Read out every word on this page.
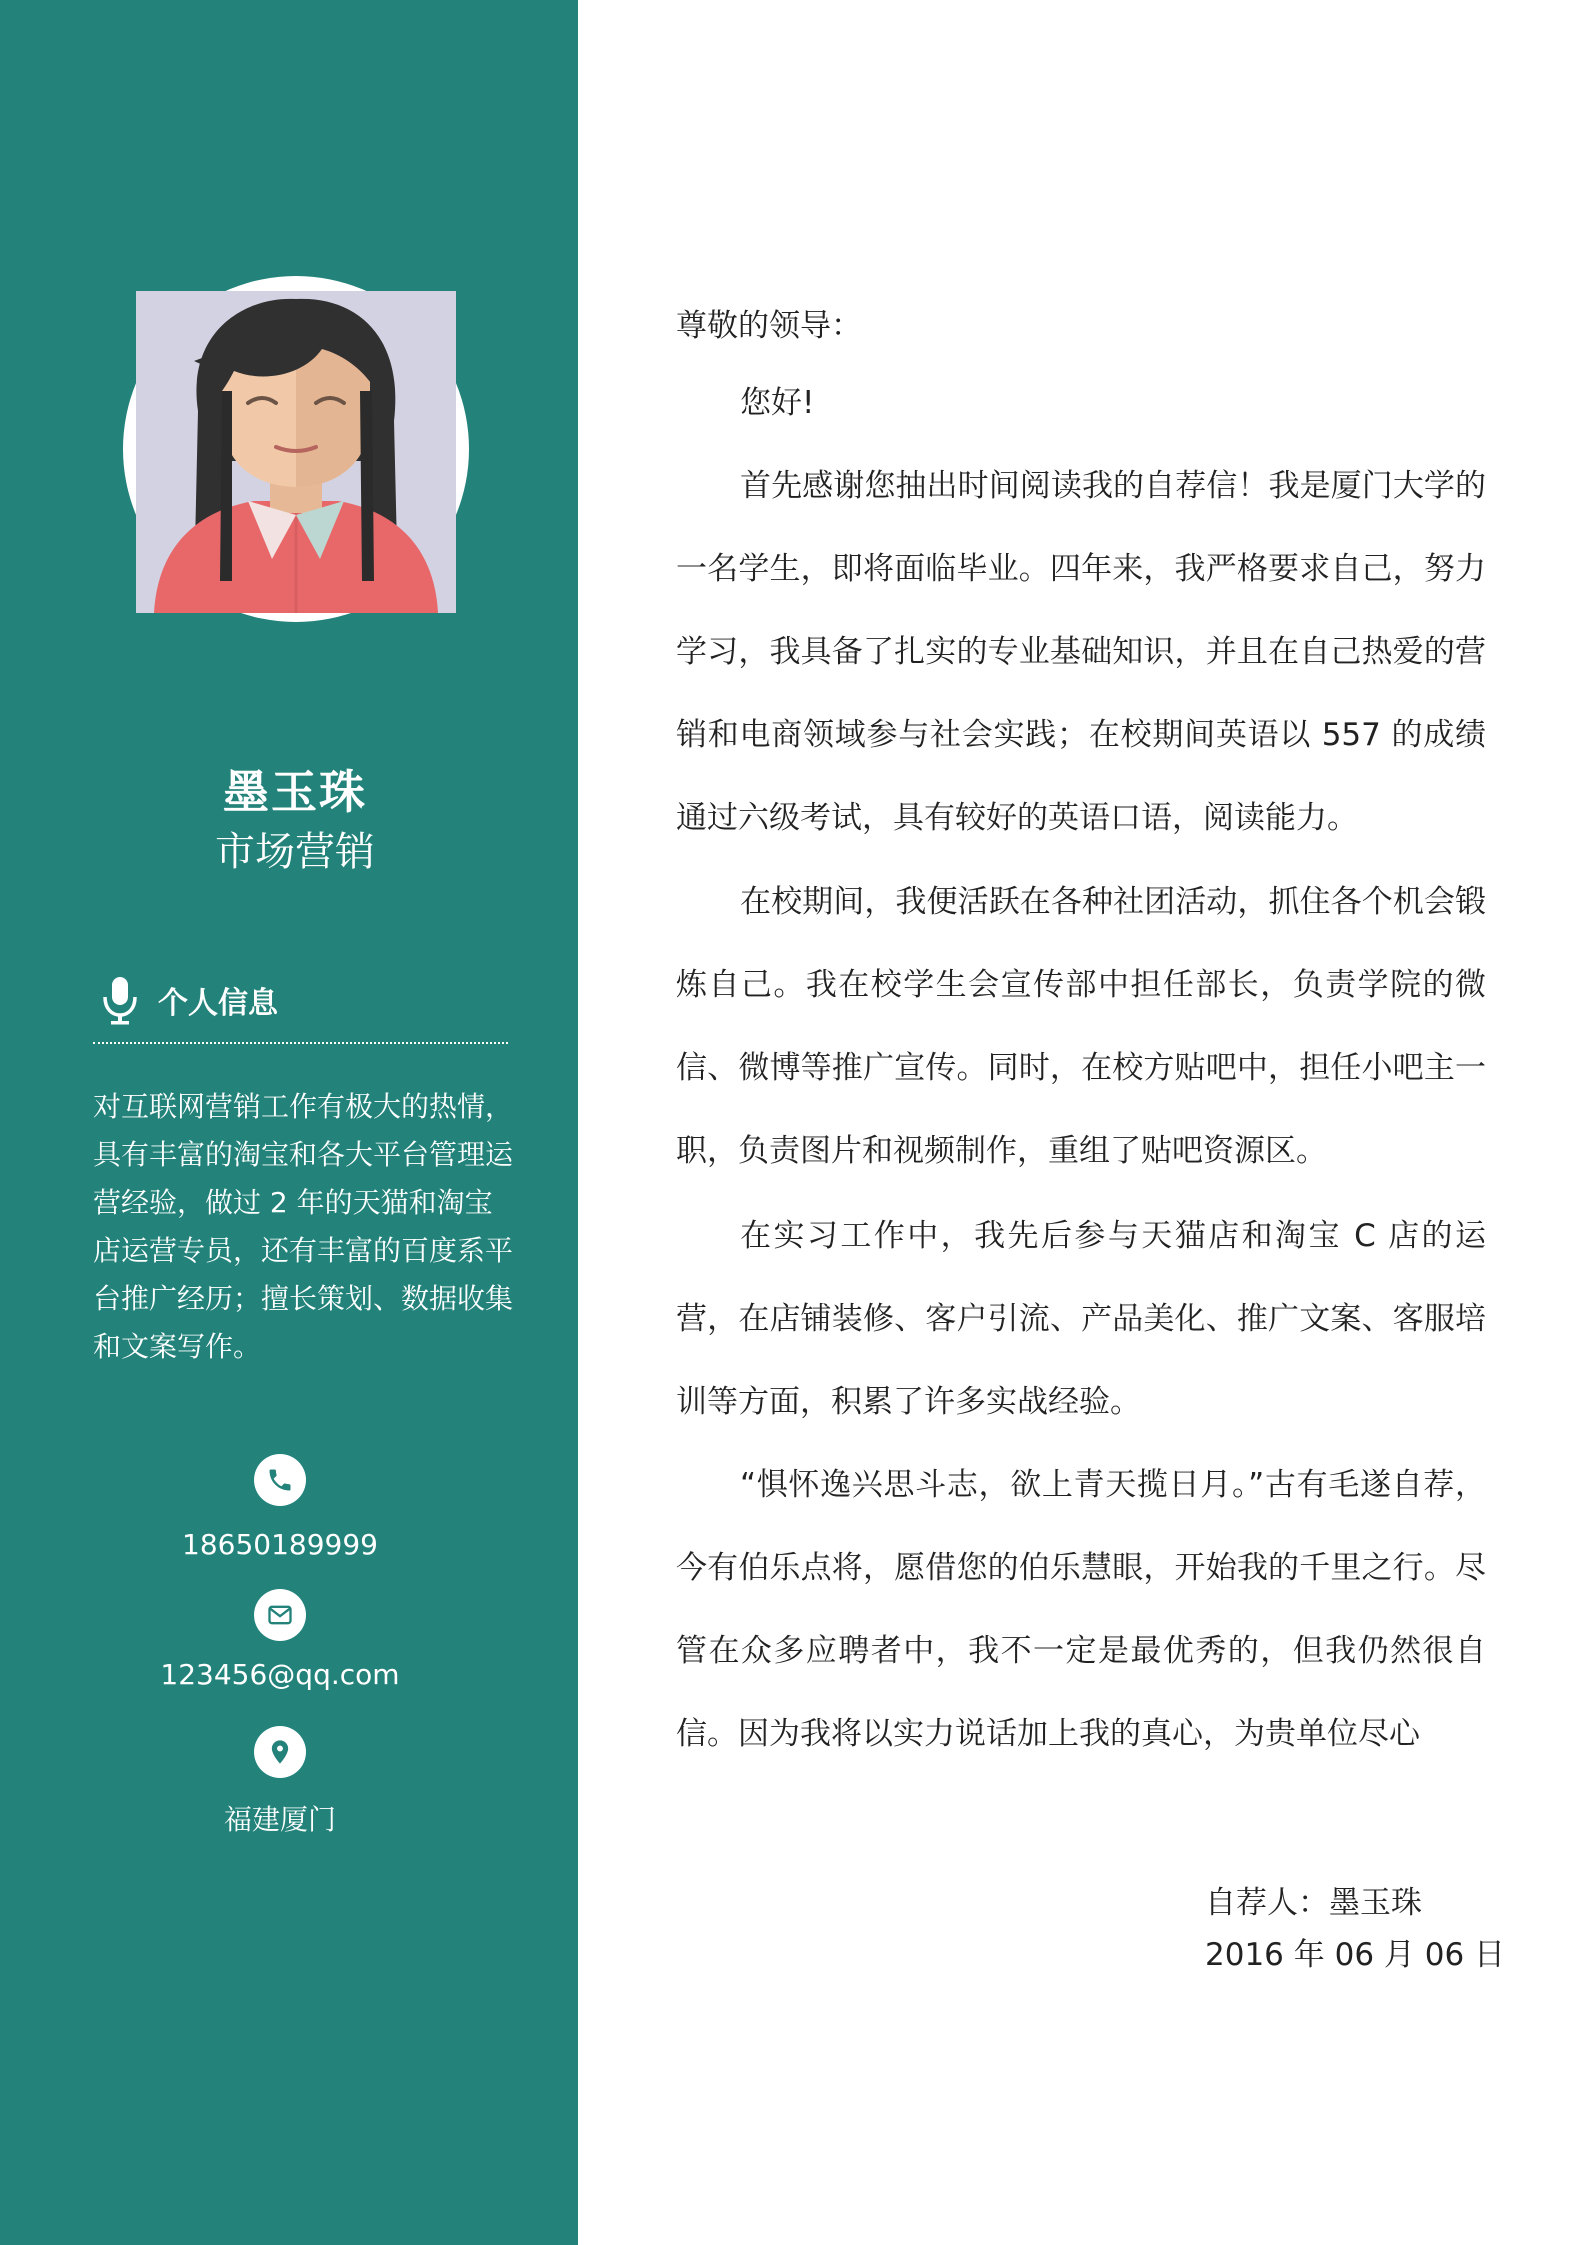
墨玉珠
市场营销
个人信息
对互联网营销工作有极大的热情，具有丰富的淘宝和各大平台管理运营经验，做过 2 年的天猫和淘宝店运营专员，还有丰富的百度系平台推广经历；擅长策划、数据收集和文案写作。
18650189999
123456@qq.com
福建厦门
尊敬的领导：

您好!

首先感谢您抽出时间阅读我的自荐信！我是厦门大学的一名学生，即将面临毕业。四年来，我严格要求自己，努力学习，我具备了扎实的专业基础知识，并且在自己热爱的营销和电商领域参与社会实践；在校期间英语以 557 的成绩通过六级考试，具有较好的英语口语，阅读能力。

在校期间，我便活跃在各种社团活动，抓住各个机会锻炼自己。我在校学生会宣传部中担任部长，负责学院的微信、微博等推广宣传。同时，在校方贴吧中，担任小吧主一职，负责图片和视频制作，重组了贴吧资源区。

在实习工作中，我先后参与天猫店和淘宝 C 店的运营，在店铺装修、客户引流、产品美化、推广文案、客服培训等方面，积累了许多实战经验。

“惧怀逸兴思斗志，欲上青天揽日月。”古有毛遂自荐，今有伯乐点将，愿借您的伯乐慧眼，开始我的千里之行。尽管在众多应聘者中，我不一定是最优秀的，但我仍然很自信。因为我将以实力说话加上我的真心，为贵单位尽心

自荐人：墨玉珠
2016 年 06 月 06 日
